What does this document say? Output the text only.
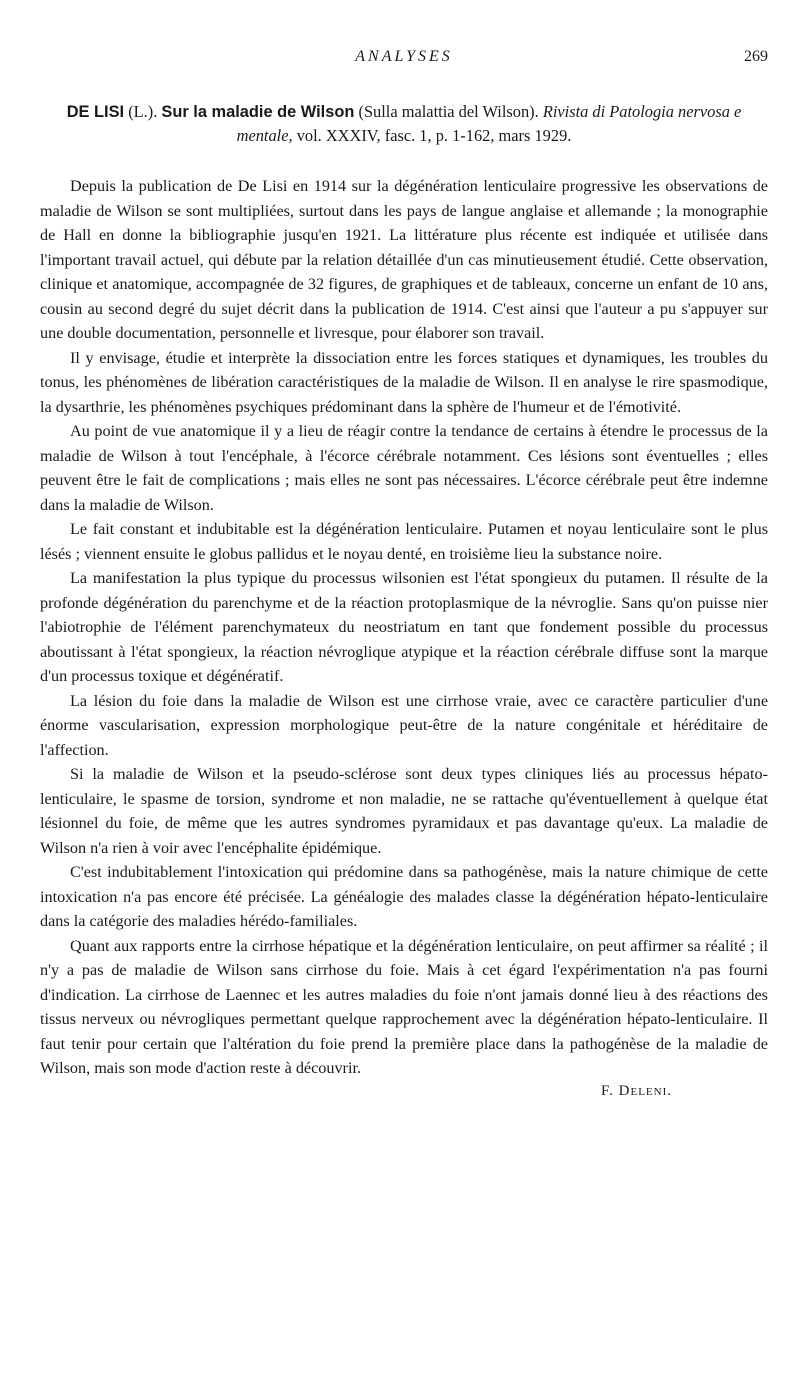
ANALYSES	269
DE LISI (L.). Sur la maladie de Wilson (Sulla malattia del Wilson). Rivista di Patologia nervosa e mentale, vol. XXXIV, fasc. 1, p. 1-162, mars 1929.

Depuis la publication de De Lisi en 1914 sur la dégénération lenticulaire progressive les observations de maladie de Wilson se sont multipliées, surtout dans les pays de langue anglaise et allemande ; la monographie de Hall en donne la bibliographie jusqu'en 1921. La littérature plus récente est indiquée et utilisée dans l'important travail actuel, qui débute par la relation détaillée d'un cas minutieusement étudié. Cette observation, clinique et anatomique, accompagnée de 32 figures, de graphiques et de tableaux, concerne un enfant de 10 ans, cousin au second degré du sujet décrit dans la publication de 1914. C'est ainsi que l'auteur a pu s'appuyer sur une double documentation, personnelle et livresque, pour élaborer son travail.

Il y envisage, étudie et interprète la dissociation entre les forces statiques et dynamiques, les troubles du tonus, les phénomènes de libération caractéristiques de la maladie de Wilson. Il en analyse le rire spasmodique, la dysarthrie, les phénomènes psychiques prédominant dans la sphère de l'humeur et de l'émotivité.

Au point de vue anatomique il y a lieu de réagir contre la tendance de certains à étendre le processus de la maladie de Wilson à tout l'encéphale, à l'écorce cérébrale notamment. Ces lésions sont éventuelles ; elles peuvent être le fait de complications ; mais elles ne sont pas nécessaires. L'écorce cérébrale peut être indemne dans la maladie de Wilson.

Le fait constant et indubitable est la dégénération lenticulaire. Putamen et noyau lenticulaire sont le plus lésés ; viennent ensuite le globus pallidus et le noyau denté, en troisième lieu la substance noire.

La manifestation la plus typique du processus wilsonien est l'état spongieux du putamen. Il résulte de la profonde dégénération du parenchyme et de la réaction protoplasmique de la névroglie. Sans qu'on puisse nier l'abiotrophie de l'élément parenchymateux du neostriatum en tant que fondement possible du processus aboutissant à l'état spongieux, la réaction névroglique atypique et la réaction cérébrale diffuse sont la marque d'un processus toxique et dégénératif.

La lésion du foie dans la maladie de Wilson est une cirrhose vraie, avec ce caractère particulier d'une énorme vascularisation, expression morphologique peut-être de la nature congénitale et héréditaire de l'affection.

Si la maladie de Wilson et la pseudo-sclérose sont deux types cliniques liés au processus hépato-lenticulaire, le spasme de torsion, syndrome et non maladie, ne se rattache qu'éventuellement à quelque état lésionnel du foie, de même que les autres syndromes pyramidaux et pas davantage qu'eux. La maladie de Wilson n'a rien à voir avec l'encéphalite épidémique.

C'est indubitablement l'intoxication qui prédomine dans sa pathogénèse, mais la nature chimique de cette intoxication n'a pas encore été précisée. La généalogie des malades classe la dégénération hépato-lenticulaire dans la catégorie des maladies hérédo-familiales.

Quant aux rapports entre la cirrhose hépatique et la dégénération lenticulaire, on peut affirmer sa réalité ; il n'y a pas de maladie de Wilson sans cirrhose du foie. Mais à cet égard l'expérimentation n'a pas fourni d'indication. La cirrhose de Laennec et les autres maladies du foie n'ont jamais donné lieu à des réactions des tissus nerveux ou névrogliques permettant quelque rapprochement avec la dégénération hépato-lenticulaire. Il faut tenir pour certain que l'altération du foie prend la première place dans la pathogénèse de la maladie de Wilson, mais son mode d'action reste à découvrir.

F. Deleni.
